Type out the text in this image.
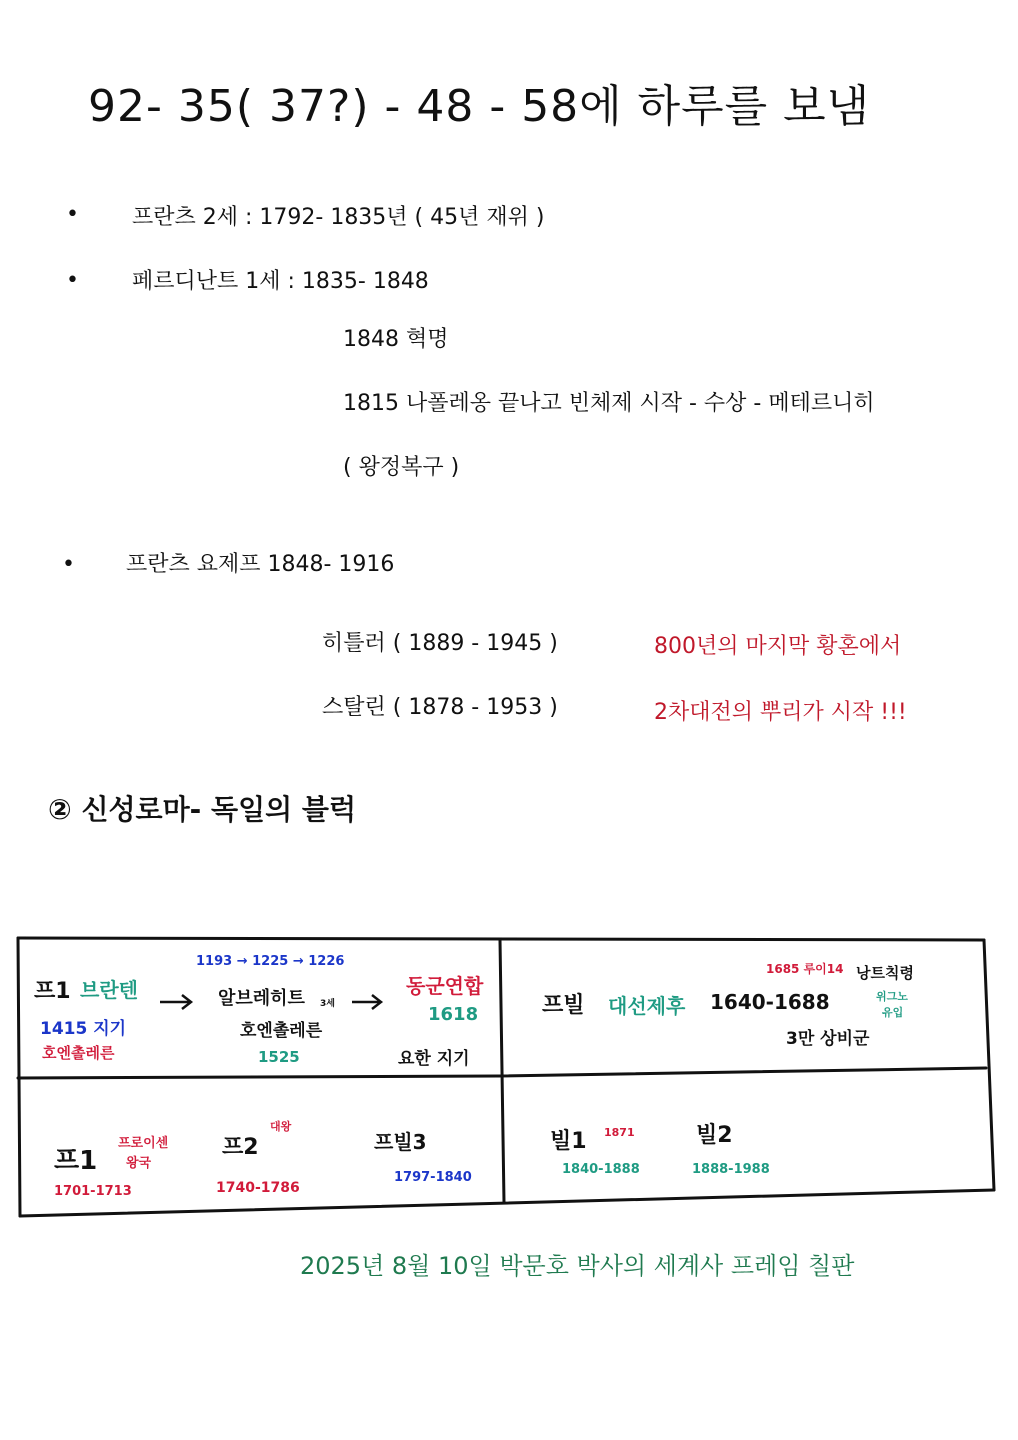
92- 35( 37?) - 48 - 58에 하루를 보냄
• 프란츠 2세 : 1792- 1835년 ( 45년 재위 )
• 페르디난트 1세 : 1835- 1848
1848 혁명
1815 나폴레옹 끝나고 빈체제 시작 - 수상 - 메테르니히
( 왕정복구 )
• 프란츠 요제프 1848- 1916
히틀러 ( 1889 - 1945 )	800년의 마지막 황혼에서
스탈린 ( 1878 - 1953 )	2차대전의 뿌리가 시작 !!!
② 신성로마- 독일의 블럭
프1 브란텐
1415 지기
호엔촐레른
1193 → 1225 → 1226
알브레히트 3세
호엔촐레른
1525
동군연합
1618
요한 지기
프빌 대선제후 1640-1688
1685 루이14 낭트칙령
위그노
유입
3만 상비군
프1
프로이센
왕국
1701-1713
프2
대왕
1740-1786
프빌3
1797-1840
빌1 1871
1840-1888
빌2
1888-1988
2025년 8월 10일 박문호 박사의 세계사 프레임 칠판
